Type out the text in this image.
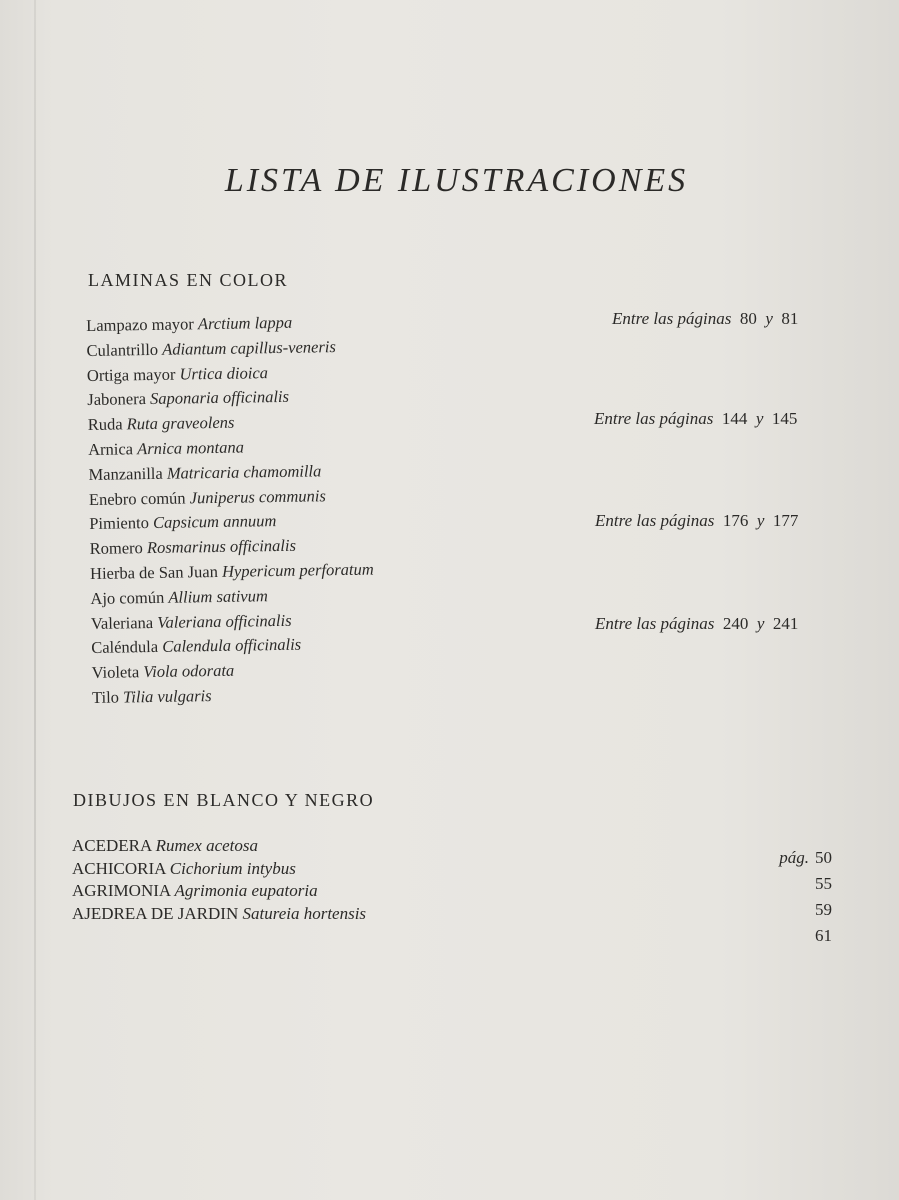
LISTA DE ILUSTRACIONES
LAMINAS EN COLOR
Lampazo mayor Arctium lappa
Culantrillo Adiantum capillus-veneris
Ortiga mayor Urtica dioica
Jabonera Saponaria officinalis
Ruda Ruta graveolens
Arnica Arnica montana
Manzanilla Matricaria chamomilla
Enebro común Juniperus communis
Pimiento Capsicum annuum
Romero Rosmarinus officinalis
Hierba de San Juan Hypericum perforatum
Ajo común Allium sativum
Valeriana Valeriana officinalis
Caléndula Calendula officinalis
Violeta Viola odorata
Tilo Tilia vulgaris
Entre las páginas 80 y 81
Entre las páginas 144 y 145
Entre las páginas 176 y 177
Entre las páginas 240 y 241
DIBUJOS EN BLANCO Y NEGRO
ACEDERA Rumex acetosa
ACHICORIA Cichorium intybus
AGRIMONIA Agrimonia eupatoria
AJEDREA DE JARDIN Satureia hortensis
pág. 50
55
59
61
